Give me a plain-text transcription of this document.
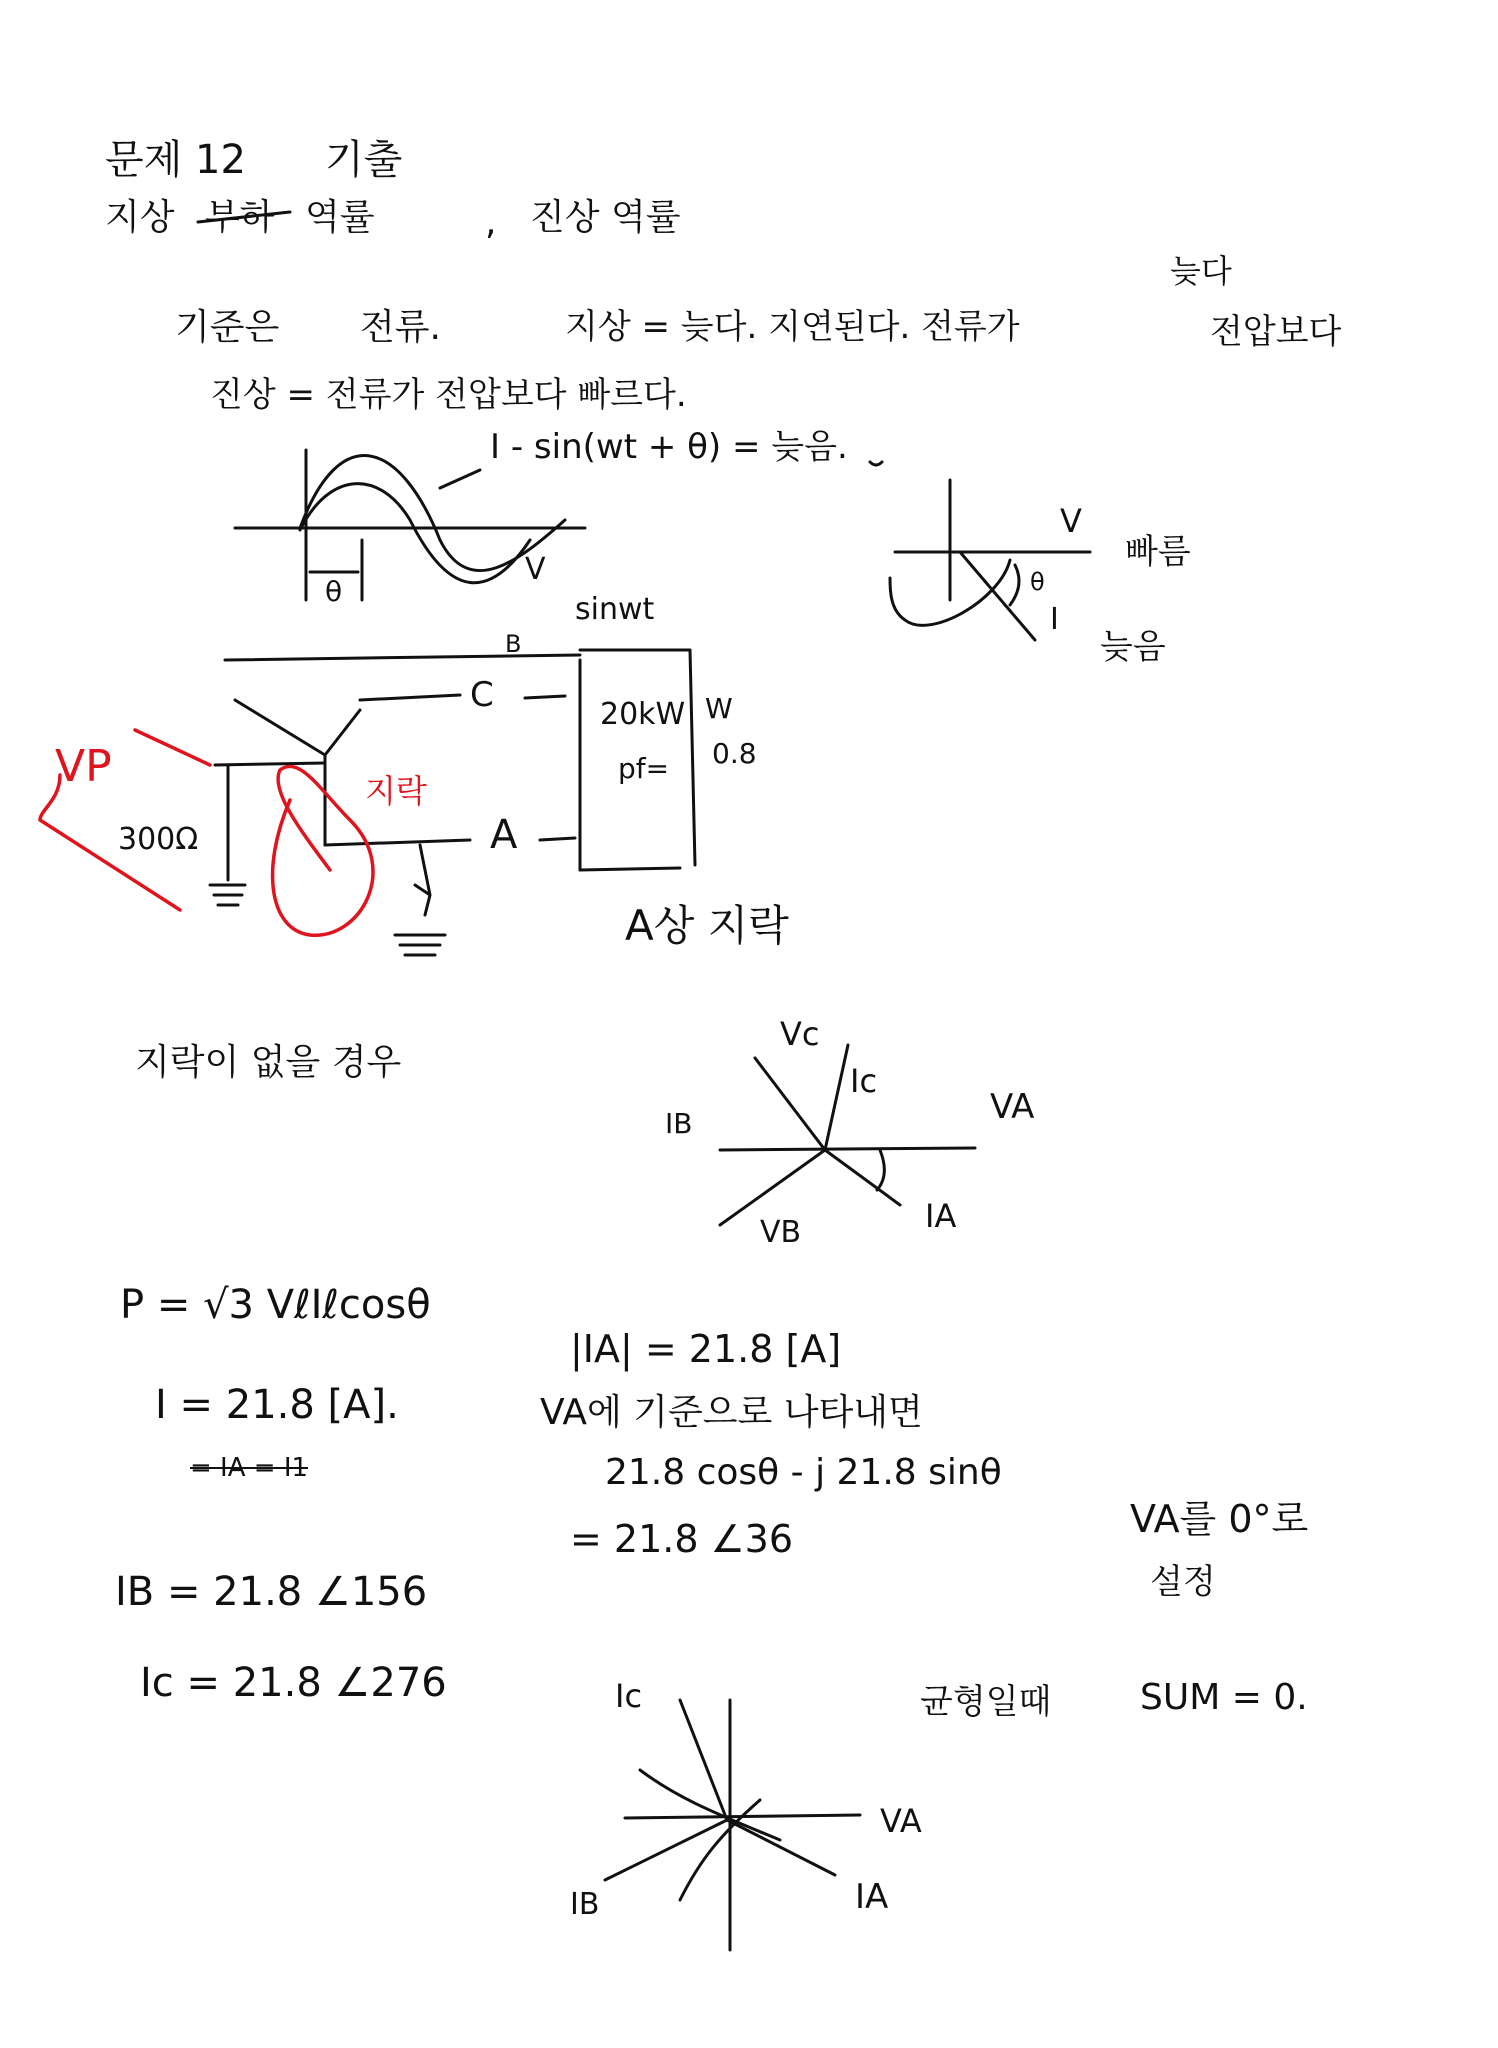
문제 12 기출
지상 부하 역률	, 진상 역률
기준은 전류.	지상 = 늦다. 지연된다. 전류가
늦다
전압보다
진상 = 전류가 전압보다 빠르다.
I - sin(wt + θ) = 늦음.
θ
V
sinwt
V
빠름
I
θ
늦음
B
C
A
20kW
pf=
W
0.8
300Ω
VP	지락
A상 지락
지락이 없을 경우
Vc
Ic
VA
IB
VB	IA
P = √3 VℓIℓcosθ
I = 21.8 [A].
= IA = I1
IB = 21.8 ∠156
Ic = 21.8 ∠276
|IA| = 21.8 [A]
VA에 기준으로 나타내면
21.8 cosθ - j 21.8 sinθ
= 21.8 ∠36	VA를 0°로
설정
균형일때 SUM = 0.
Ic
VA
IB	IA
